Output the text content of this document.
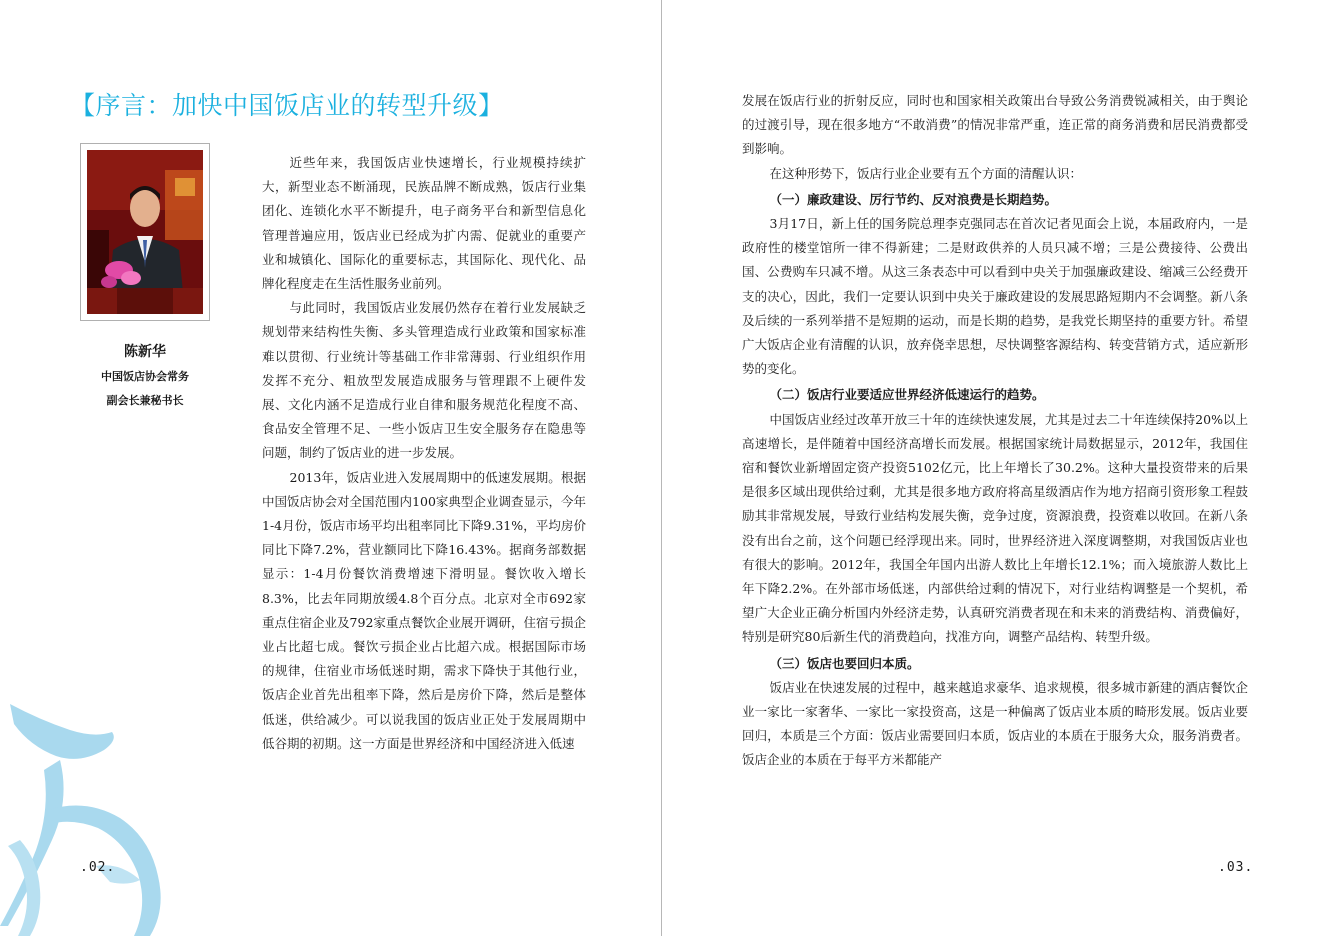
【序言：加快中国饭店业的转型升级】
陈新华
中国饭店协会常务
副会长兼秘书长

近些年来，我国饭店业快速增长，行业规模持续扩大，新型业态不断涌现，民族品牌不断成熟，饭店行业集团化、连锁化水平不断提升，电子商务平台和新型信息化管理普遍应用，饭店业已经成为扩内需、促就业的重要产业和城镇化、国际化的重要标志，其国际化、现代化、品牌化程度走在生活性服务业前列。

与此同时，我国饭店业发展仍然存在着行业发展缺乏规划带来结构性失衡、多头管理造成行业政策和国家标准难以贯彻、行业统计等基础工作非常薄弱、行业组织作用发挥不充分、粗放型发展造成服务与管理跟不上硬件发展、文化内涵不足造成行业自律和服务规范化程度不高、食品安全管理不足、一些小饭店卫生安全服务存在隐患等问题，制约了饭店业的进一步发展。

2013年，饭店业进入发展周期中的低速发展期。根据中国饭店协会对全国范围内100家典型企业调查显示，今年1-4月份，饭店市场平均出租率同比下降9.31%，平均房价同比下降7.2%，营业额同比下降16.43%。据商务部数据显示：1-4月份餐饮消费增速下滑明显。餐饮收入增长8.3%，比去年同期放缓4.8个百分点。北京对全市692家重点住宿企业及792家重点餐饮企业展开调研，住宿亏损企业占比超七成。餐饮亏损企业占比超六成。根据国际市场的规律，住宿业市场低迷时期，需求下降快于其他行业，饭店企业首先出租率下降，然后是房价下降，然后是整体低迷，供给减少。可以说我国的饭店业正处于发展周期中低谷期的初期。这一方面是世界经济和中国经济进入低速

.02.	.03.

发展在饭店行业的折射反应，同时也和国家相关政策出台导致公务消费锐减相关，由于舆论的过渡引导，现在很多地方“不敢消费”的情况非常严重，连正常的商务消费和居民消费都受到影响。

在这种形势下，饭店行业企业要有五个方面的清醒认识：

（一）廉政建设、厉行节约、反对浪费是长期趋势。

3月17日，新上任的国务院总理李克强同志在首次记者见面会上说，本届政府内，一是政府性的楼堂馆所一律不得新建；二是财政供养的人员只减不增；三是公费接待、公费出国、公费购车只减不增。从这三条表态中可以看到中央关于加强廉政建设、缩减三公经费开支的决心，因此，我们一定要认识到中央关于廉政建设的发展思路短期内不会调整。新八条及后续的一系列举措不是短期的运动，而是长期的趋势，是我党长期坚持的重要方针。希望广大饭店企业有清醒的认识，放弃侥幸思想，尽快调整客源结构、转变营销方式，适应新形势的变化。

（二）饭店行业要适应世界经济低速运行的趋势。

中国饭店业经过改革开放三十年的连续快速发展，尤其是过去二十年连续保持20%以上高速增长，是伴随着中国经济高增长而发展。根据国家统计局数据显示，2012年，我国住宿和餐饮业新增固定资产投资5102亿元，比上年增长了30.2%。这种大量投资带来的后果是很多区域出现供给过剩，尤其是很多地方政府将高星级酒店作为地方招商引资形象工程鼓励其非常规发展，导致行业结构发展失衡，竞争过度，资源浪费，投资难以收回。在新八条没有出台之前，这个问题已经浮现出来。同时，世界经济进入深度调整期，对我国饭店业也有很大的影响。2012年，我国全年国内出游人数比上年增长12.1%；而入境旅游人数比上年下降2.2%。在外部市场低迷，内部供给过剩的情况下，对行业结构调整是一个契机，希望广大企业正确分析国内外经济走势，认真研究消费者现在和未来的消费结构、消费偏好，特别是研究80后新生代的消费趋向，找准方向，调整产品结构、转型升级。

（三）饭店也要回归本质。

饭店业在快速发展的过程中，越来越追求豪华、追求规模，很多城市新建的酒店餐饮企业一家比一家奢华、一家比一家投资高，这是一种偏离了饭店业本质的畸形发展。饭店业要回归，本质是三个方面：饭店业需要回归本质，饭店业的本质在于服务大众，服务消费者。饭店企业的本质在于每平方米都能产
